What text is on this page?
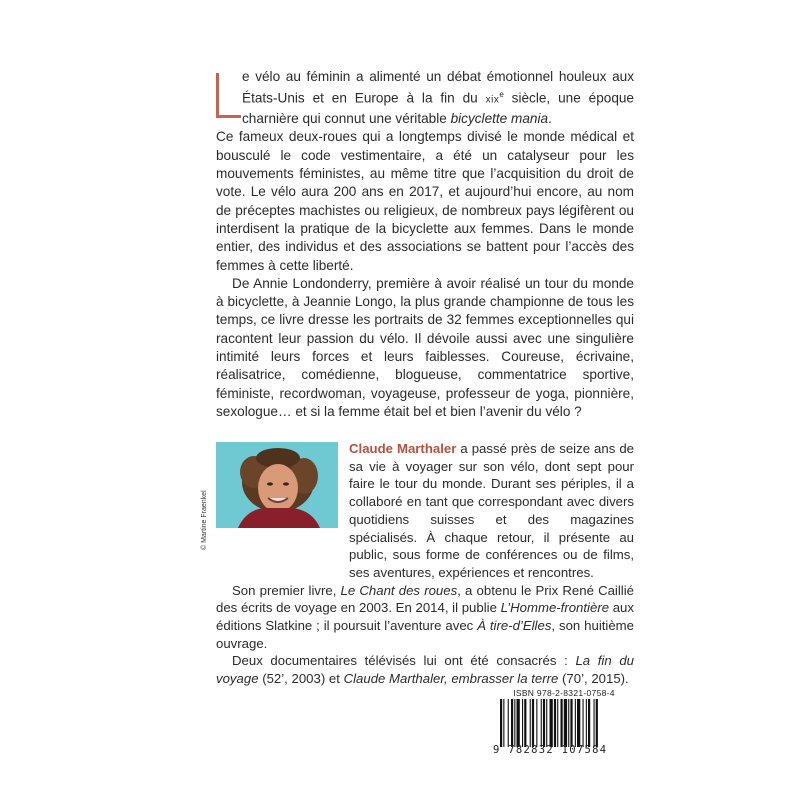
e vélo au féminin a alimenté un débat émotionnel houleux aux États-Unis et en Europe à la fin du xix$^e$ siècle, une époque charnière qui connut une véritable bicyclette mania.

Ce fameux deux-roues qui a longtemps divisé le monde médical et bousculé le code vestimentaire, a été un catalyseur pour les mouvements féministes, au même titre que l’acquisition du droit de vote. Le vélo aura 200 ans en 2017, et aujourd’hui encore, au nom de préceptes machistes ou religieux, de nombreux pays légifèrent ou interdisent la pratique de la bicyclette aux femmes. Dans le monde entier, des individus et des associations se battent pour l’accès des femmes à cette liberté.

De Annie Londonderry, première à avoir réalisé un tour du monde à bicyclette, à Jeannie Longo, la plus grande championne de tous les temps, ce livre dresse les portraits de 32 femmes exceptionnelles qui racontent leur passion du vélo. Il dévoile aussi avec une singulière intimité leurs forces et leurs faiblesses. Coureuse, écrivaine, réalisatrice, comédienne, blogueuse, commentatrice sportive, féministe, recordwoman, voyageuse, professeur de yoga, pionnière, sexologue… et si la femme était bel et bien l’avenir du vélo ?

© Martine Fraenkel

Claude Marthaler a passé près de seize ans de sa vie à voyager sur son vélo, dont sept pour faire le tour du monde. Durant ses périples, il a collaboré en tant que correspondant avec divers quotidiens suisses et des magazines spécialisés. À chaque retour, il présente au public, sous forme de conférences ou de films, ses aventures, expériences et rencontres.

Son premier livre, Le Chant des roues, a obtenu le Prix René Caillié des écrits de voyage en 2003. En 2014, il publie L’Homme-frontière aux éditions Slatkine ; il poursuit l’aventure avec À tire-d’Elles, son huitième ouvrage.

Deux documentaires télévisés lui ont été consacrés : La fin du voyage (52’, 2003) et Claude Marthaler, embrasser la terre (70’, 2015).

ISBN 978-2-8321-0758-4
9 782832 107584
